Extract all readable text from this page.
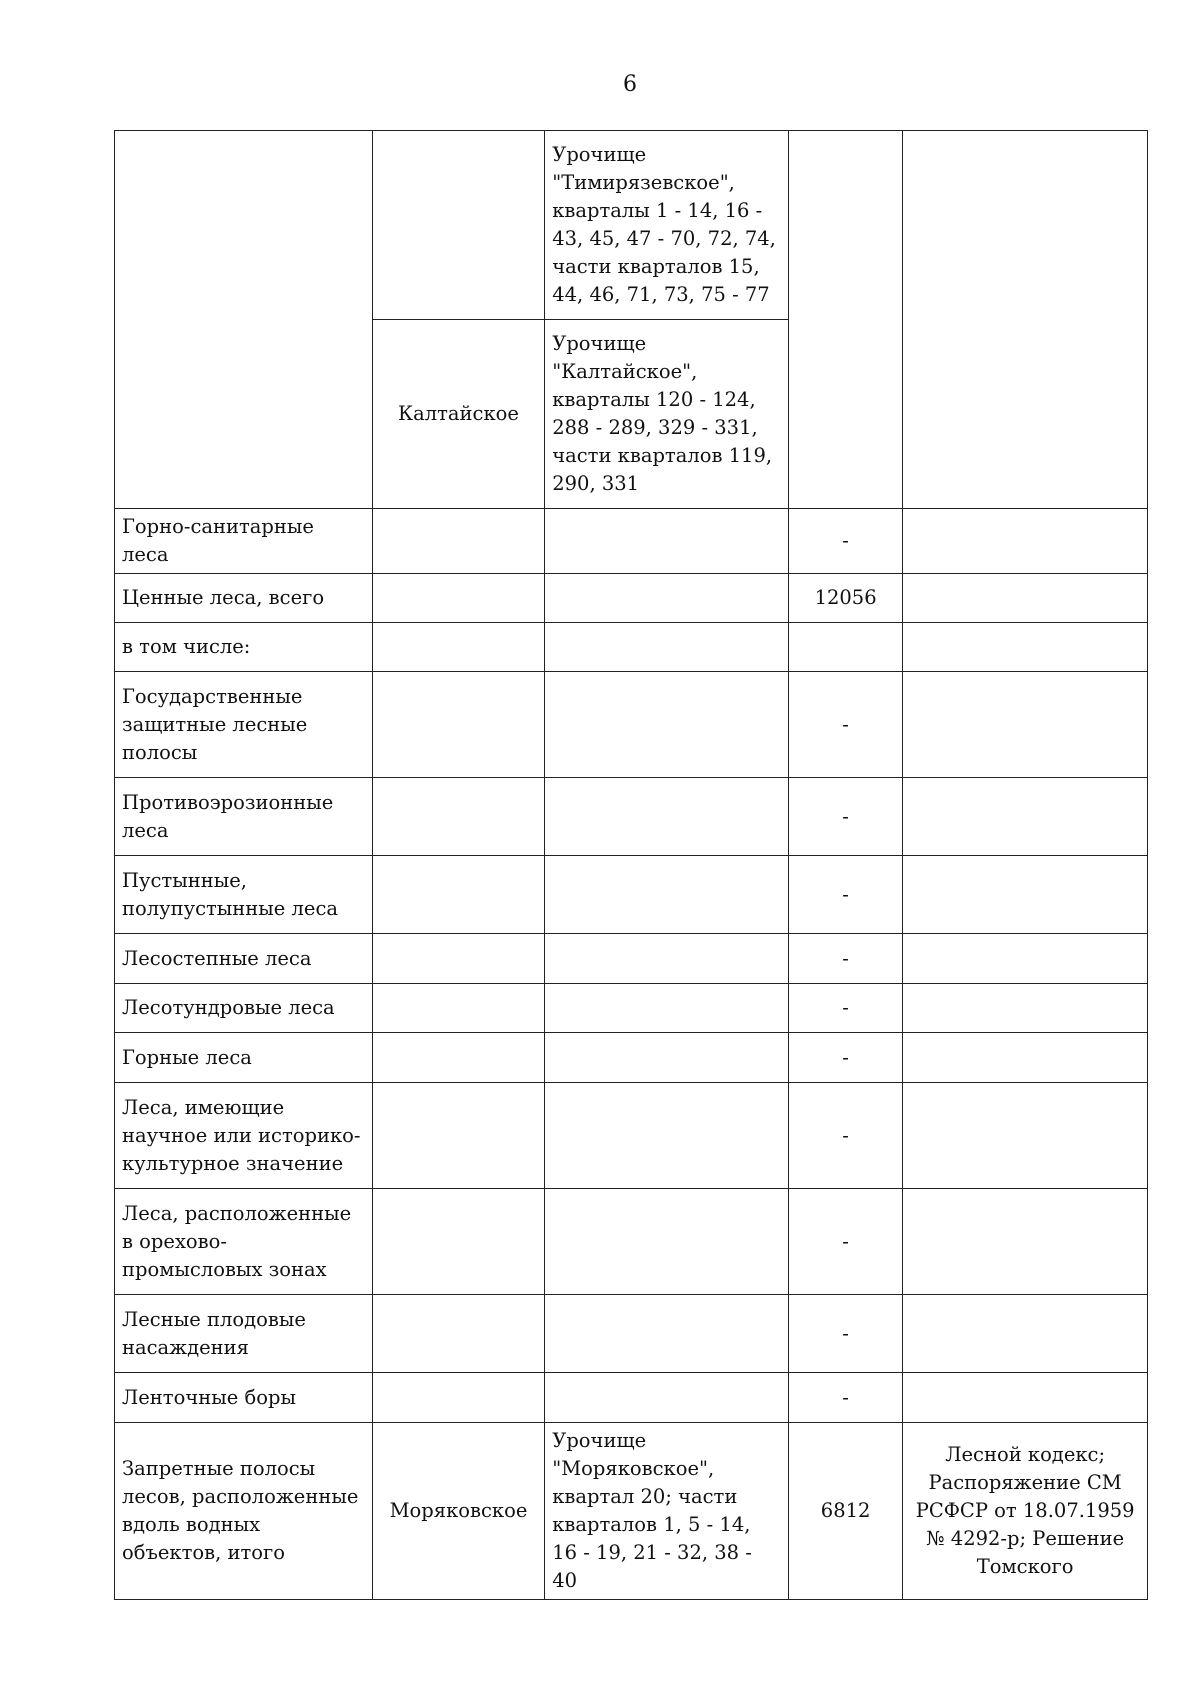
6
		Урочище "Тимирязевское", кварталы 1 - 14, 16 - 43, 45, 47 - 70, 72, 74, части кварталов 15, 44, 46, 71, 73, 75 - 77		
	Калтайское	Урочище "Калтайское", кварталы 120 - 124, 288 - 289, 329 - 331, части кварталов 119, 290, 331		
Горно-санитарные леса			-	
Ценные леса, всего			12056	
в том числе:				
Государственные защитные лесные полосы			-	
Противоэрозионные леса			-	
Пустынные, полупустынные леса			-	
Лесостепные леса			-	
Лесотундровые леса			-	
Горные леса			-	
Леса, имеющие научное или историко-культурное значение			-	
Леса, расположенные в орехово-промысловых зонах			-	
Лесные плодовые насаждения			-	
Ленточные боры			-	
Запретные полосы лесов, расположенные вдоль водных объектов, итого	Моряковское	Урочище "Моряковское", квартал 20; части кварталов 1, 5 - 14, 16 - 19, 21 - 32, 38 - 40	6812	Лесной кодекс; Распоряжение СМ РСФСР от 18.07.1959 № 4292-р; Решение Томского
